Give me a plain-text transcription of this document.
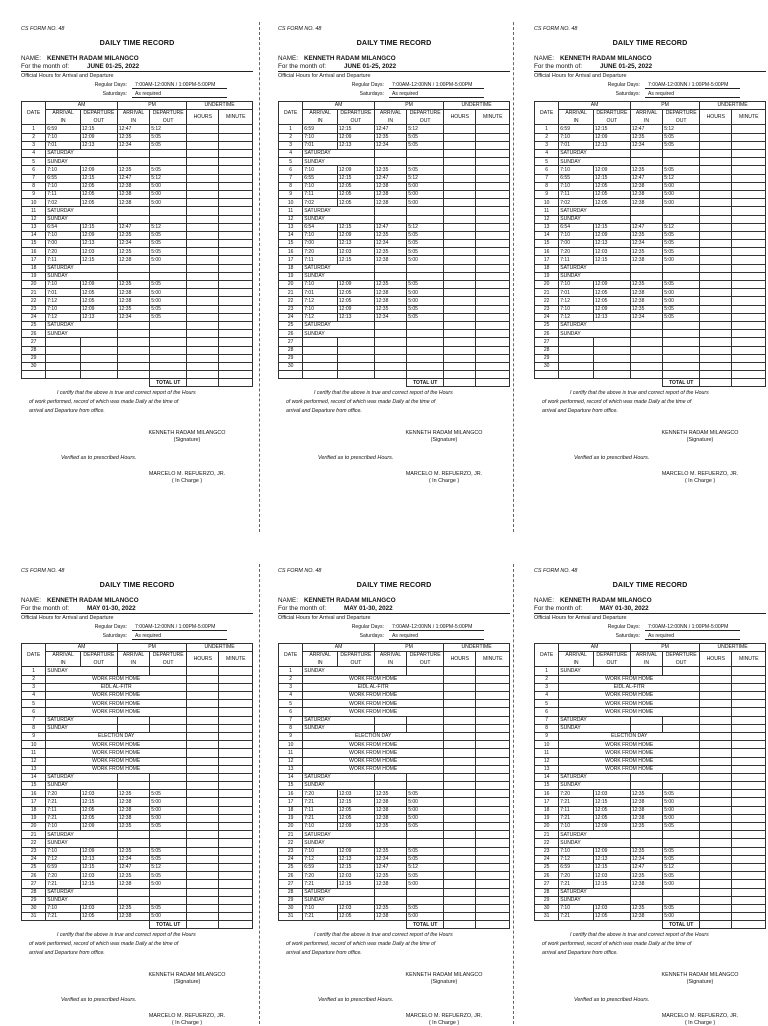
CS FORM NO. 48
DAILY TIME RECORD
NAME: KENNETH RADAM MILANGCO
For the month of:	JUNE 01-25, 2022
Official Hours for Arrival and Departure
Regular Days:	7:00AM-12:00NN / 1:00PM-5:00PM
Saturdays:	As required
DATE	AM		PM		UNDERTIME	
	ARRIVAL	DEPARTURE	ARRIVAL	DEPARTURE	HOURS	MINUTE
	IN	OUT	IN	OUT		
1	6:59	12:15	12:47	5:12		
2	7:10	12:09	12:35	5:05		
3	7:01	12:13	12:34	5:05		
4	SATURDAY					
5	SUNDAY					
6	7:10	12:09	12:35	5:05		
7	6:55	12:15	12:47	5:12		
8	7:10	12:05	12:38	5:00		
9	7:11	12:05	12:38	5:00		
10	7:02	12:05	12:38	5:00		
11	SATURDAY					
12	SUNDAY					
13	6:54	12:15	12:47	5:12		
14	7:10	12:09	12:35	5:05		
15	7:00	12:13	12:34	5:05		
16	7:20	12:03	12:35	5:05		
17	7:11	12:15	12:38	5:00		
18	SATURDAY					
19	SUNDAY					
20	7:10	12:09	12:35	5:05		
21	7:01	12:05	12:38	5:00		
22	7:12	12:05	12:38	5:00		
23	7:10	12:09	12:35	5:05		
24	7:12	12:13	12:34	5:05		
25	SATURDAY					
26	SUNDAY					
27						
28						
29						
30						

				TOTAL UT		

I certify that the above is true and correct report of the Hours

of work performed, record of which was made Daily at the time of

arrival and Departure from office.

KENNETH RADAM MILANGCO
(Signature)
Verified as to prescribed Hours.
MARCELO M. REFUERZO, JR.
( In Charge )
CS FORM NO. 48
DAILY TIME RECORD
NAME: KENNETH RADAM MILANGCO
For the month of:	JUNE 01-25, 2022
Official Hours for Arrival and Departure
Regular Days:	7:00AM-12:00NN / 1:00PM-5:00PM
Saturdays:	As required
DATE	AM		PM		UNDERTIME	
	ARRIVAL	DEPARTURE	ARRIVAL	DEPARTURE	HOURS	MINUTE
	IN	OUT	IN	OUT		
1	6:59	12:15	12:47	5:12		
2	7:10	12:09	12:35	5:05		
3	7:01	12:13	12:34	5:05		
4	SATURDAY					
5	SUNDAY					
6	7:10	12:09	12:35	5:05		
7	6:55	12:15	12:47	5:12		
8	7:10	12:05	12:38	5:00		
9	7:11	12:05	12:38	5:00		
10	7:02	12:05	12:38	5:00		
11	SATURDAY					
12	SUNDAY					
13	6:54	12:15	12:47	5:12		
14	7:10	12:09	12:35	5:05		
15	7:00	12:13	12:34	5:05		
16	7:20	12:03	12:35	5:05		
17	7:11	12:15	12:38	5:00		
18	SATURDAY					
19	SUNDAY					
20	7:10	12:09	12:35	5:05		
21	7:01	12:05	12:38	5:00		
22	7:12	12:05	12:38	5:00		
23	7:10	12:09	12:35	5:05		
24	7:12	12:13	12:34	5:05		
25	SATURDAY					
26	SUNDAY					
27						
28						
29						
30						

				TOTAL UT		

I certify that the above is true and correct report of the Hours

of work performed, record of which was made Daily at the time of

arrival and Departure from office.

KENNETH RADAM MILANGCO
(Signature)
Verified as to prescribed Hours.
MARCELO M. REFUERZO, JR.
( In Charge )
CS FORM NO. 48
DAILY TIME RECORD
NAME: KENNETH RADAM MILANGCO
For the month of:	JUNE 01-25, 2022
Official Hours for Arrival and Departure
Regular Days:	7:00AM-12:00NN / 1:00PM-5:00PM
Saturdays:	As required
DATE	AM		PM		UNDERTIME	
	ARRIVAL	DEPARTURE	ARRIVAL	DEPARTURE	HOURS	MINUTE
	IN	OUT	IN	OUT		
1	6:59	12:15	12:47	5:12		
2	7:10	12:09	12:35	5:05		
3	7:01	12:13	12:34	5:05		
4	SATURDAY					
5	SUNDAY					
6	7:10	12:09	12:35	5:05		
7	6:55	12:15	12:47	5:12		
8	7:10	12:05	12:38	5:00		
9	7:11	12:05	12:38	5:00		
10	7:02	12:05	12:38	5:00		
11	SATURDAY					
12	SUNDAY					
13	6:54	12:15	12:47	5:12		
14	7:10	12:09	12:35	5:05		
15	7:00	12:13	12:34	5:05		
16	7:20	12:03	12:35	5:05		
17	7:11	12:15	12:38	5:00		
18	SATURDAY					
19	SUNDAY					
20	7:10	12:09	12:35	5:05		
21	7:01	12:05	12:38	5:00		
22	7:12	12:05	12:38	5:00		
23	7:10	12:09	12:35	5:05		
24	7:12	12:13	12:34	5:05		
25	SATURDAY					
26	SUNDAY					
27						
28						
29						
30						

				TOTAL UT		

I certify that the above is true and correct report of the Hours

of work performed, record of which was made Daily at the time of

arrival and Departure from office.

KENNETH RADAM MILANGCO
(Signature)
Verified as to prescribed Hours.
MARCELO M. REFUERZO, JR.
( In Charge )
CS FORM NO. 48
DAILY TIME RECORD
NAME: KENNETH RADAM MILANGCO
For the month of:	MAY 01-30, 2022
Official Hours for Arrival and Departure
Regular Days:	7:00AM-12:00NN / 1:00PM-5:00PM
Saturdays:	As required
DATE	AM		PM		UNDERTIME	
	ARRIVAL	DEPARTURE	ARRIVAL	DEPARTURE	HOURS	MINUTE
	IN	OUT	IN	OUT		
1	SUNDAY					
2	WORK FROM HOME					
3	EIDL AL-FITR					
4	WORK FROM HOME					
5	WORK FROM HOME					
6	WORK FROM HOME					
7	SATURDAY					
8	SUNDAY					
9	ELECTION DAY					
10	WORK FROM HOME					
11	WORK FROM HOME					
12	WORK FROM HOME					
13	WORK FROM HOME					
14	SATURDAY					
15	SUNDAY					
16	7:20	12:03	12:35	5:05		
17	7:21	12:15	12:38	5:00		
18	7:11	12:05	12:38	5:00		
19	7:21	12:05	12:38	5:00		
20	7:10	12:09	12:35	5:05		
21	SATURDAY					
22	SUNDAY					
23	7:10	12:09	12:35	5:05		
24	7:12	12:13	12:34	5:05		
25	6:59	12:15	12:47	5:12		
26	7:20	12:03	12:35	5:05		
27	7:21	12:15	12:38	5:00		
28	SATURDAY					
29	SUNDAY					
30	7:10	12:03	12:35	5:05		
31	7:21	12:05	12:38	5:00		
				TOTAL UT		

I certify that the above is true and correct report of the Hours

of work performed, record of which was made Daily at the time of

arrival and Departure from office.

KENNETH RADAM MILANGCO
(Signature)
Verified as to prescribed Hours.
MARCELO M. REFUERZO, JR.
( In Charge )
CS FORM NO. 48
DAILY TIME RECORD
NAME: KENNETH RADAM MILANGCO
For the month of:	MAY 01-30, 2022
Official Hours for Arrival and Departure
Regular Days:	7:00AM-12:00NN / 1:00PM-5:00PM
Saturdays:	As required
DATE	AM		PM		UNDERTIME	
	ARRIVAL	DEPARTURE	ARRIVAL	DEPARTURE	HOURS	MINUTE
	IN	OUT	IN	OUT		
1	SUNDAY					
2	WORK FROM HOME					
3	EIDL AL-FITR					
4	WORK FROM HOME					
5	WORK FROM HOME					
6	WORK FROM HOME					
7	SATURDAY					
8	SUNDAY					
9	ELECTION DAY					
10	WORK FROM HOME					
11	WORK FROM HOME					
12	WORK FROM HOME					
13	WORK FROM HOME					
14	SATURDAY					
15	SUNDAY					
16	7:20	12:03	12:35	5:05		
17	7:21	12:15	12:38	5:00		
18	7:11	12:05	12:38	5:00		
19	7:21	12:05	12:38	5:00		
20	7:10	12:09	12:35	5:05		
21	SATURDAY					
22	SUNDAY					
23	7:10	12:09	12:35	5:05		
24	7:12	12:13	12:34	5:05		
25	6:59	12:15	12:47	5:12		
26	7:20	12:03	12:35	5:05		
27	7:21	12:15	12:38	5:00		
28	SATURDAY					
29	SUNDAY					
30	7:10	12:03	12:35	5:05		
31	7:21	12:05	12:38	5:00		
				TOTAL UT		

I certify that the above is true and correct report of the Hours

of work performed, record of which was made Daily at the time of

arrival and Departure from office.

KENNETH RADAM MILANGCO
(Signature)
Verified as to prescribed Hours.
MARCELO M. REFUERZO, JR.
( In Charge )
CS FORM NO. 48
DAILY TIME RECORD
NAME: KENNETH RADAM MILANGCO
For the month of:	MAY 01-30, 2022
Official Hours for Arrival and Departure
Regular Days:	7:00AM-12:00NN / 1:00PM-5:00PM
Saturdays:	As required
DATE	AM		PM		UNDERTIME	
	ARRIVAL	DEPARTURE	ARRIVAL	DEPARTURE	HOURS	MINUTE
	IN	OUT	IN	OUT		
1	SUNDAY					
2	WORK FROM HOME					
3	EIDL AL-FITR					
4	WORK FROM HOME					
5	WORK FROM HOME					
6	WORK FROM HOME					
7	SATURDAY					
8	SUNDAY					
9	ELECTION DAY					
10	WORK FROM HOME					
11	WORK FROM HOME					
12	WORK FROM HOME					
13	WORK FROM HOME					
14	SATURDAY					
15	SUNDAY					
16	7:20	12:03	12:35	5:05		
17	7:21	12:15	12:38	5:00		
18	7:11	12:05	12:38	5:00		
19	7:21	12:05	12:38	5:00		
20	7:10	12:09	12:35	5:05		
21	SATURDAY					
22	SUNDAY					
23	7:10	12:09	12:35	5:05		
24	7:12	12:13	12:34	5:05		
25	6:59	12:15	12:47	5:12		
26	7:20	12:03	12:35	5:05		
27	7:21	12:15	12:38	5:00		
28	SATURDAY					
29	SUNDAY					
30	7:10	12:03	12:35	5:05		
31	7:21	12:05	12:38	5:00		
				TOTAL UT		

I certify that the above is true and correct report of the Hours

of work performed, record of which was made Daily at the time of

arrival and Departure from office.

KENNETH RADAM MILANGCO
(Signature)
Verified as to prescribed Hours.
MARCELO M. REFUERZO, JR.
( In Charge )
